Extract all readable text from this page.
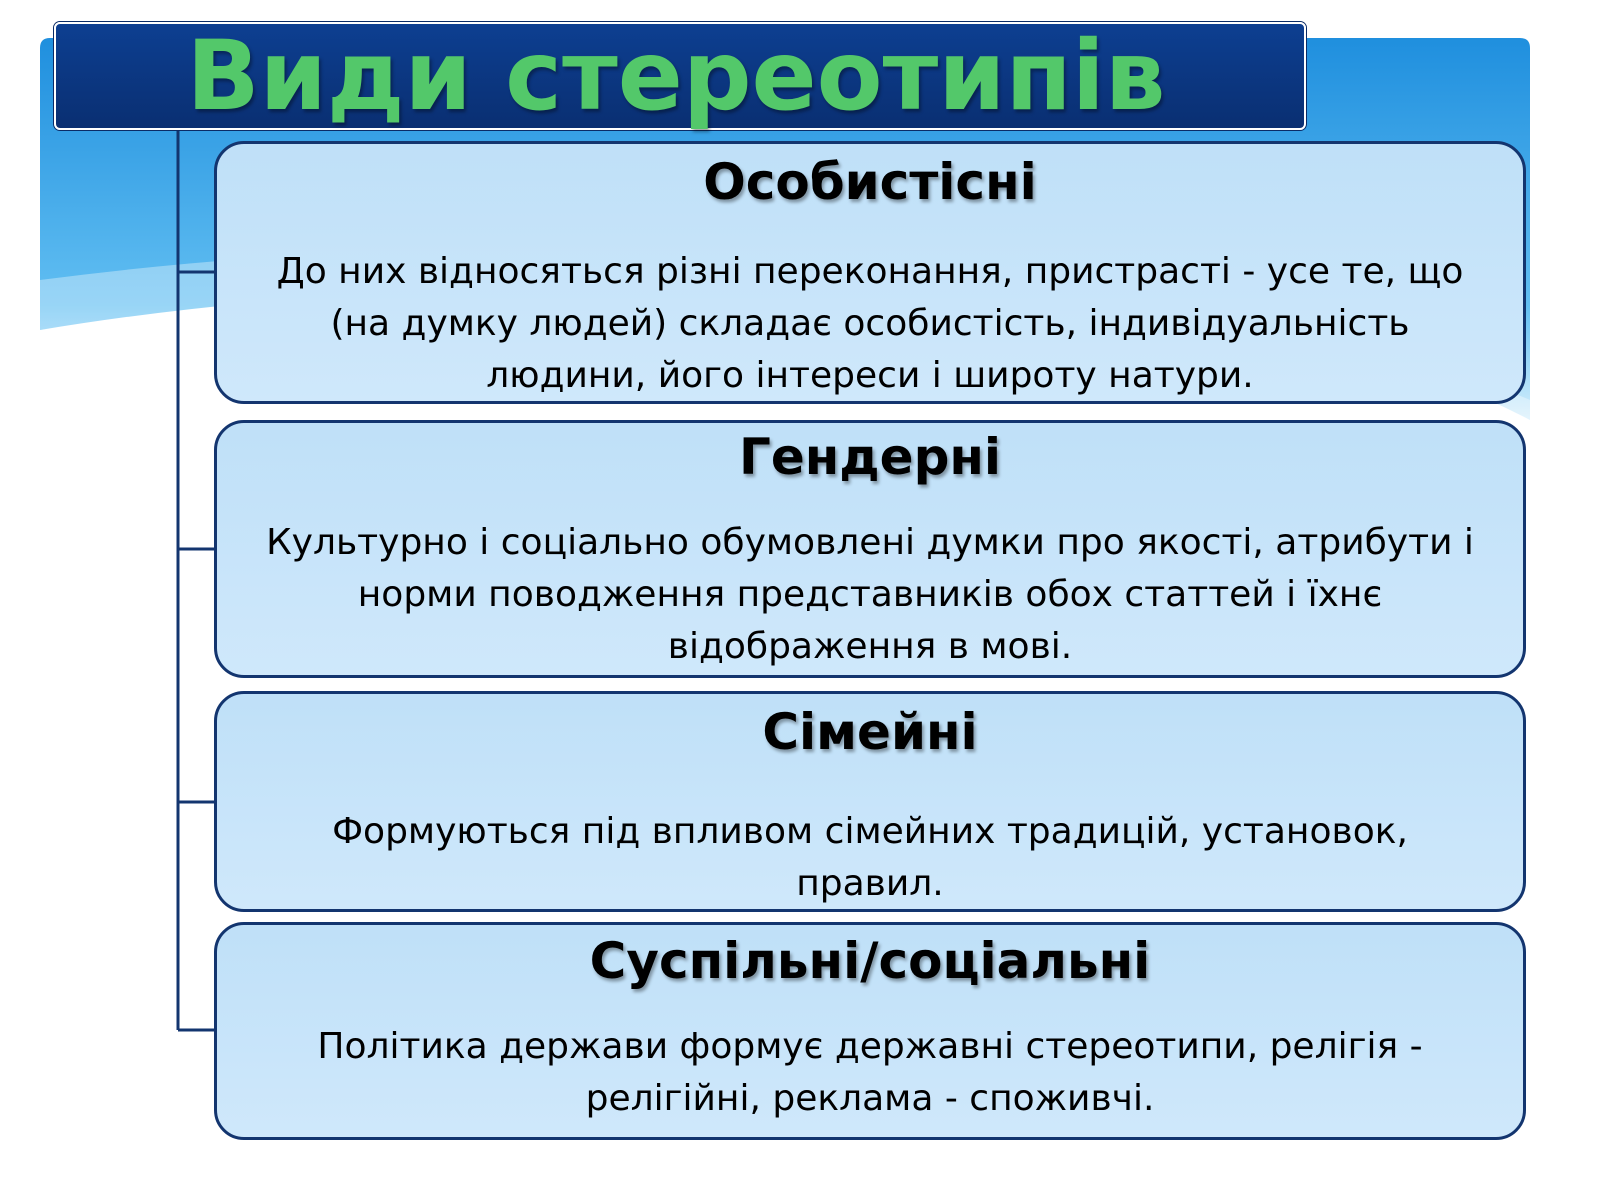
Види стереотипів
Особистісні
До них відносяться різні переконання, пристрасті - усе те, що (на думку людей) складає особистість, індивідуальність людини, його інтереси і широту натури.
Гендерні
Культурно і соціально обумовлені думки про якості, атрибути і норми поводження представників обох статтей і їхнє відображення в мові.
Сімейні
Формуються під впливом сімейних традицій, установок, правил.
Суспільні/соціальні
Політика держави формує державні стереотипи, релігія - релігійні, реклама - споживчі.
